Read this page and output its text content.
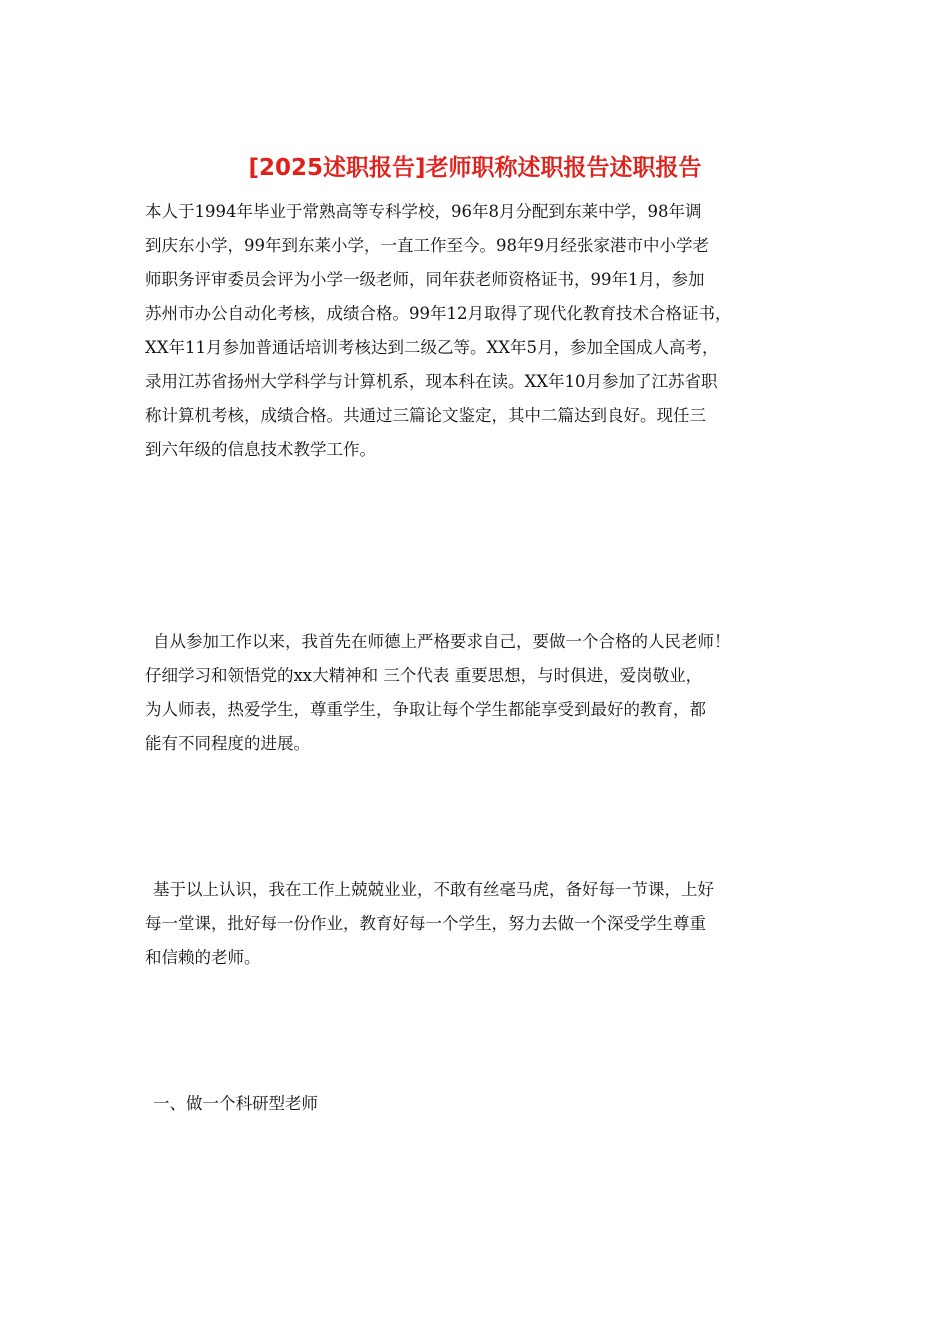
[2025述职报告]老师职称述职报告述职报告

本人于1994年毕业于常熟高等专科学校，96年8月分配到东莱中学，98年调

到庆东小学，99年到东莱小学，一直工作至今。98年9月经张家港市中小学老

师职务评审委员会评为小学一级老师，同年获老师资格证书，99年1月，参加

苏州市办公自动化考核，成绩合格。99年12月取得了现代化教育技术合格证书，

XX年11月参加普通话培训考核达到二级乙等。XX年5月，参加全国成人高考，

录用江苏省扬州大学科学与计算机系，现本科在读。XX年10月参加了江苏省职

称计算机考核，成绩合格。共通过三篇论文鉴定，其中二篇达到良好。现任三

到六年级的信息技术教学工作。

自从参加工作以来，我首先在师德上严格要求自己，要做一个合格的人民老师！

仔细学习和领悟党的xx大精神和 三个代表 重要思想，与时俱进，爱岗敬业，

为人师表，热爱学生，尊重学生，争取让每个学生都能享受到最好的教育，都

能有不同程度的进展。

基于以上认识，我在工作上兢兢业业，不敢有丝毫马虎，备好每一节课，上好

每一堂课，批好每一份作业，教育好每一个学生，努力去做一个深受学生尊重

和信赖的老师。

一、做一个科研型老师
